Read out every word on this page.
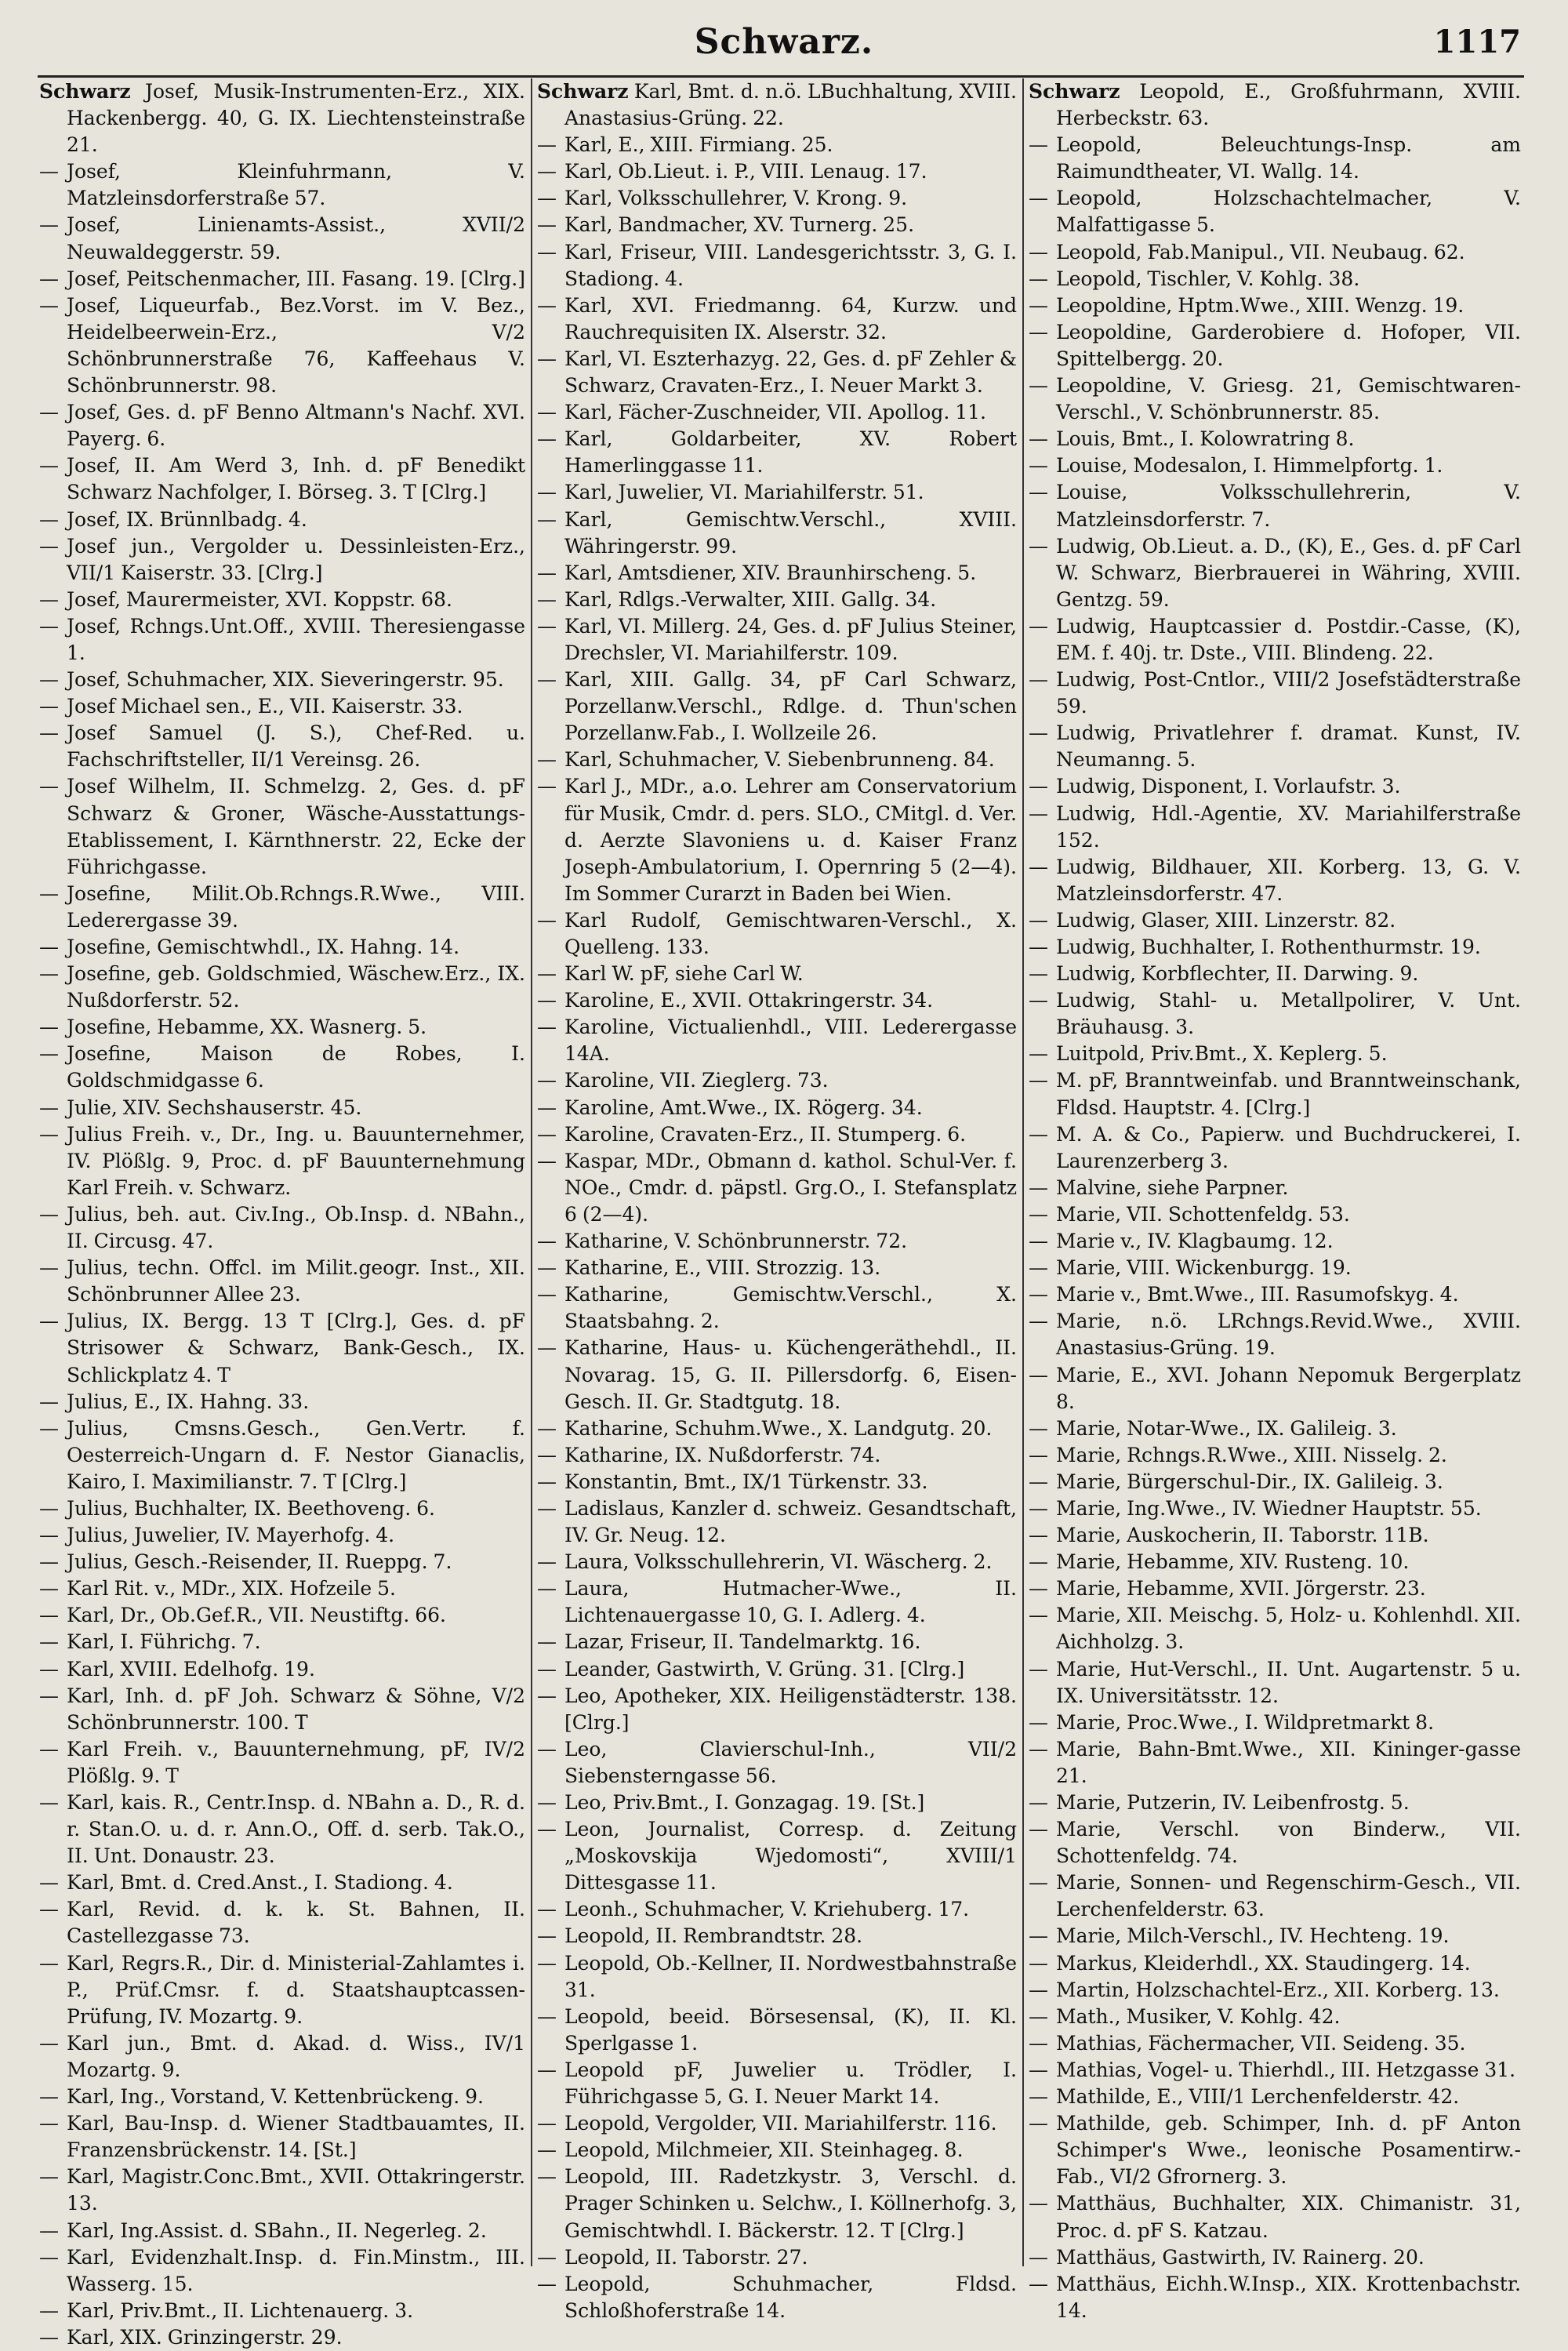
Schwarz.	1117

Schwarz Josef, Musik-Instrumenten-Erz., XIX. Hackenbergg. 40, G. IX. Liechtensteinstraße 21.

— Josef, Kleinfuhrmann, V. Matzleinsdorferstraße 57.

— Josef, Linienamts-Assist., XVII/2 Neuwaldeggerstr. 59.

— Josef, Peitschenmacher, III. Fasang. 19. [Clrg.]

— Josef, Liqueurfab., Bez.Vorst. im V. Bez., Heidelbeerwein-Erz., V/2 Schönbrunnerstraße 76, Kaffeehaus V. Schönbrunnerstr. 98.

— Josef, Ges. d. pF Benno Altmann's Nachf. XVI. Payerg. 6.

— Josef, II. Am Werd 3, Inh. d. pF Benedikt Schwarz Nachfolger, I. Börseg. 3. T [Clrg.]

— Josef, IX. Brünnlbadg. 4.

— Josef jun., Vergolder u. Dessinleisten-Erz., VII/1 Kaiserstr. 33. [Clrg.]

— Josef, Maurermeister, XVI. Koppstr. 68.

— Josef, Rchngs.Unt.Off., XVIII. Theresiengasse 1.

— Josef, Schuhmacher, XIX. Sieveringerstr. 95.

— Josef Michael sen., E., VII. Kaiserstr. 33.

— Josef Samuel (J. S.), Chef-Red. u. Fachschriftsteller, II/1 Vereinsg. 26.

— Josef Wilhelm, II. Schmelzg. 2, Ges. d. pF Schwarz & Groner, Wäsche-Ausstattungs-Etablissement, I. Kärnthnerstr. 22, Ecke der Führichgasse.

— Josefine, Milit.Ob.Rchngs.R.Wwe., VIII. Lederergasse 39.

— Josefine, Gemischtwhdl., IX. Hahng. 14.

— Josefine, geb. Goldschmied, Wäschew.Erz., IX. Nußdorferstr. 52.

— Josefine, Hebamme, XX. Wasnerg. 5.

— Josefine, Maison de Robes, I. Goldschmidgasse 6.

— Julie, XIV. Sechshauserstr. 45.

— Julius Freih. v., Dr., Ing. u. Bauunternehmer, IV. Plößlg. 9, Proc. d. pF Bauunternehmung Karl Freih. v. Schwarz.

— Julius, beh. aut. Civ.Ing., Ob.Insp. d. NBahn., II. Circusg. 47.

— Julius, techn. Offcl. im Milit.geogr. Inst., XII. Schönbrunner Allee 23.

— Julius, IX. Bergg. 13 T [Clrg.], Ges. d. pF Strisower & Schwarz, Bank-Gesch., IX. Schlickplatz 4. T

— Julius, E., IX. Hahng. 33.

— Julius, Cmsns.Gesch., Gen.Vertr. f. Oesterreich-Ungarn d. F. Nestor Gianaclis, Kairo, I. Maximilianstr. 7. T [Clrg.]

— Julius, Buchhalter, IX. Beethoveng. 6.

— Julius, Juwelier, IV. Mayerhofg. 4.

— Julius, Gesch.-Reisender, II. Rueppg. 7.

— Karl Rit. v., MDr., XIX. Hofzeile 5.

— Karl, Dr., Ob.Gef.R., VII. Neustiftg. 66.

— Karl, I. Führichg. 7.

— Karl, XVIII. Edelhofg. 19.

— Karl, Inh. d. pF Joh. Schwarz & Söhne, V/2 Schönbrunnerstr. 100. T

— Karl Freih. v., Bauunternehmung, pF, IV/2 Plößlg. 9. T

— Karl, kais. R., Centr.Insp. d. NBahn a. D., R. d. r. Stan.O. u. d. r. Ann.O., Off. d. serb. Tak.O., II. Unt. Donaustr. 23.

— Karl, Bmt. d. Cred.Anst., I. Stadiong. 4.

— Karl, Revid. d. k. k. St. Bahnen, II. Castellezgasse 73.

— Karl, Regrs.R., Dir. d. Ministerial-Zahlamtes i. P., Prüf.Cmsr. f. d. Staatshauptcassen-Prüfung, IV. Mozartg. 9.

— Karl jun., Bmt. d. Akad. d. Wiss., IV/1 Mozartg. 9.

— Karl, Ing., Vorstand, V. Kettenbrückeng. 9.

— Karl, Bau-Insp. d. Wiener Stadtbauamtes, II. Franzensbrückenstr. 14. [St.]

— Karl, Magistr.Conc.Bmt., XVII. Ottakringerstr. 13.

— Karl, Ing.Assist. d. SBahn., II. Negerleg. 2.

— Karl, Evidenzhalt.Insp. d. Fin.Minstm., III. Wasserg. 15.

— Karl, Priv.Bmt., II. Lichtenauerg. 3.

— Karl, XIX. Grinzingerstr. 29.

Schwarz Karl, Bmt. d. n.ö. LBuchhaltung, XVIII. Anastasius-Grüng. 22.

— Karl, E., XIII. Firmiang. 25.

— Karl, Ob.Lieut. i. P., VIII. Lenaug. 17.

— Karl, Volksschullehrer, V. Krong. 9.

— Karl, Bandmacher, XV. Turnerg. 25.

— Karl, Friseur, VIII. Landesgerichtsstr. 3, G. I. Stadiong. 4.

— Karl, XVI. Friedmanng. 64, Kurzw. und Rauchrequisiten IX. Alserstr. 32.

— Karl, VI. Eszterhazyg. 22, Ges. d. pF Zehler & Schwarz, Cravaten-Erz., I. Neuer Markt 3.

— Karl, Fächer-Zuschneider, VII. Apollog. 11.

— Karl, Goldarbeiter, XV. Robert Hamerlinggasse 11.

— Karl, Juwelier, VI. Mariahilferstr. 51.

— Karl, Gemischtw.Verschl., XVIII. Währingerstr. 99.

— Karl, Amtsdiener, XIV. Braunhirscheng. 5.

— Karl, Rdlgs.-Verwalter, XIII. Gallg. 34.

— Karl, VI. Millerg. 24, Ges. d. pF Julius Steiner, Drechsler, VI. Mariahilferstr. 109.

— Karl, XIII. Gallg. 34, pF Carl Schwarz, Porzellanw.Verschl., Rdlge. d. Thun'schen Porzellanw.Fab., I. Wollzeile 26.

— Karl, Schuhmacher, V. Siebenbrunneng. 84.

— Karl J., MDr., a.o. Lehrer am Conservatorium für Musik, Cmdr. d. pers. SLO., CMitgl. d. Ver. d. Aerzte Slavoniens u. d. Kaiser Franz Joseph-Ambulatorium, I. Opernring 5 (2—4). Im Sommer Curarzt in Baden bei Wien.

— Karl Rudolf, Gemischtwaren-Verschl., X. Quelleng. 133.

— Karl W. pF, siehe Carl W.

— Karoline, E., XVII. Ottakringerstr. 34.

— Karoline, Victualienhdl., VIII. Lederergasse 14A.

— Karoline, VII. Zieglerg. 73.

— Karoline, Amt.Wwe., IX. Rögerg. 34.

— Karoline, Cravaten-Erz., II. Stumperg. 6.

— Kaspar, MDr., Obmann d. kathol. Schul-Ver. f. NOe., Cmdr. d. päpstl. Grg.O., I. Stefansplatz 6 (2—4).

— Katharine, V. Schönbrunnerstr. 72.

— Katharine, E., VIII. Strozzig. 13.

— Katharine, Gemischtw.Verschl., X. Staatsbahng. 2.

— Katharine, Haus- u. Küchengeräthehdl., II. Novarag. 15, G. II. Pillersdorfg. 6, Eisen-Gesch. II. Gr. Stadtgutg. 18.

— Katharine, Schuhm.Wwe., X. Landgutg. 20.

— Katharine, IX. Nußdorferstr. 74.

— Konstantin, Bmt., IX/1 Türkenstr. 33.

— Ladislaus, Kanzler d. schweiz. Gesandtschaft, IV. Gr. Neug. 12.

— Laura, Volksschullehrerin, VI. Wäscherg. 2.

— Laura, Hutmacher-Wwe., II. Lichtenauergasse 10, G. I. Adlerg. 4.

— Lazar, Friseur, II. Tandelmarktg. 16.

— Leander, Gastwirth, V. Grüng. 31. [Clrg.]

— Leo, Apotheker, XIX. Heiligenstädterstr. 138. [Clrg.]

— Leo, Clavierschul-Inh., VII/2 Siebensterngasse 56.

— Leo, Priv.Bmt., I. Gonzagag. 19. [St.]

— Leon, Journalist, Corresp. d. Zeitung „Moskovskija Wjedomosti“, XVIII/1 Dittesgasse 11.

— Leonh., Schuhmacher, V. Kriehuberg. 17.

— Leopold, II. Rembrandtstr. 28.

— Leopold, Ob.-Kellner, II. Nordwestbahnstraße 31.

— Leopold, beeid. Börsesensal, (K), II. Kl. Sperlgasse 1.

— Leopold pF, Juwelier u. Trödler, I. Führichgasse 5, G. I. Neuer Markt 14.

— Leopold, Vergolder, VII. Mariahilferstr. 116.

— Leopold, Milchmeier, XII. Steinhageg. 8.

— Leopold, III. Radetzkystr. 3, Verschl. d. Prager Schinken u. Selchw., I. Köllnerhofg. 3, Gemischtwhdl. I. Bäckerstr. 12. T [Clrg.]

— Leopold, II. Taborstr. 27.

— Leopold, Schuhmacher, Fldsd. Schloßhoferstraße 14.

Schwarz Leopold, E., Großfuhrmann, XVIII. Herbeckstr. 63.

— Leopold, Beleuchtungs-Insp. am Raimundtheater, VI. Wallg. 14.

— Leopold, Holzschachtelmacher, V. Malfattigasse 5.

— Leopold, Fab.Manipul., VII. Neubaug. 62.

— Leopold, Tischler, V. Kohlg. 38.

— Leopoldine, Hptm.Wwe., XIII. Wenzg. 19.

— Leopoldine, Garderobiere d. Hofoper, VII. Spittelbergg. 20.

— Leopoldine, V. Griesg. 21, Gemischtwaren-Verschl., V. Schönbrunnerstr. 85.

— Louis, Bmt., I. Kolowratring 8.

— Louise, Modesalon, I. Himmelpfortg. 1.

— Louise, Volksschullehrerin, V. Matzleinsdorferstr. 7.

— Ludwig, Ob.Lieut. a. D., (K), E., Ges. d. pF Carl W. Schwarz, Bierbrauerei in Währing, XVIII. Gentzg. 59.

— Ludwig, Hauptcassier d. Postdir.-Casse, (K), EM. f. 40j. tr. Dste., VIII. Blindeng. 22.

— Ludwig, Post-Cntlor., VIII/2 Josefstädterstraße 59.

— Ludwig, Privatlehrer f. dramat. Kunst, IV. Neumanng. 5.

— Ludwig, Disponent, I. Vorlaufstr. 3.

— Ludwig, Hdl.-Agentie, XV. Mariahilferstraße 152.

— Ludwig, Bildhauer, XII. Korberg. 13, G. V. Matzleinsdorferstr. 47.

— Ludwig, Glaser, XIII. Linzerstr. 82.

— Ludwig, Buchhalter, I. Rothenthurmstr. 19.

— Ludwig, Korbflechter, II. Darwing. 9.

— Ludwig, Stahl- u. Metallpolirer, V. Unt. Bräuhausg. 3.

— Luitpold, Priv.Bmt., X. Keplerg. 5.

— M. pF, Branntweinfab. und Branntweinschank, Fldsd. Hauptstr. 4. [Clrg.]

— M. A. & Co., Papierw. und Buchdruckerei, I. Laurenzerberg 3.

— Malvine, siehe Parpner.

— Marie, VII. Schottenfeldg. 53.

— Marie v., IV. Klagbaumg. 12.

— Marie, VIII. Wickenburgg. 19.

— Marie v., Bmt.Wwe., III. Rasumofskyg. 4.

— Marie, n.ö. LRchngs.Revid.Wwe., XVIII. Anastasius-Grüng. 19.

— Marie, E., XVI. Johann Nepomuk Bergerplatz 8.

— Marie, Notar-Wwe., IX. Galileig. 3.

— Marie, Rchngs.R.Wwe., XIII. Nisselg. 2.

— Marie, Bürgerschul-Dir., IX. Galileig. 3.

— Marie, Ing.Wwe., IV. Wiedner Hauptstr. 55.

— Marie, Auskocherin, II. Taborstr. 11B.

— Marie, Hebamme, XIV. Rusteng. 10.

— Marie, Hebamme, XVII. Jörgerstr. 23.

— Marie, XII. Meischg. 5, Holz- u. Kohlenhdl. XII. Aichholzg. 3.

— Marie, Hut-Verschl., II. Unt. Augartenstr. 5 u. IX. Universitätsstr. 12.

— Marie, Proc.Wwe., I. Wildpretmarkt 8.

— Marie, Bahn-Bmt.Wwe., XII. Kininger-gasse 21.

— Marie, Putzerin, IV. Leibenfrostg. 5.

— Marie, Verschl. von Binderw., VII. Schottenfeldg. 74.

— Marie, Sonnen- und Regenschirm-Gesch., VII. Lerchenfelderstr. 63.

— Marie, Milch-Verschl., IV. Hechteng. 19.

— Markus, Kleiderhdl., XX. Staudingerg. 14.

— Martin, Holzschachtel-Erz., XII. Korberg. 13.

— Math., Musiker, V. Kohlg. 42.

— Mathias, Fächermacher, VII. Seideng. 35.

— Mathias, Vogel- u. Thierhdl., III. Hetzgasse 31.

— Mathilde, E., VIII/1 Lerchenfelderstr. 42.

— Mathilde, geb. Schimper, Inh. d. pF Anton Schimper's Wwe., leonische Posamentirw.-Fab., VI/2 Gfrornerg. 3.

— Matthäus, Buchhalter, XIX. Chimanistr. 31, Proc. d. pF S. Katzau.

— Matthäus, Gastwirth, IV. Rainerg. 20.

— Matthäus, Eichh.W.Insp., XIX. Krottenbachstr. 14.
